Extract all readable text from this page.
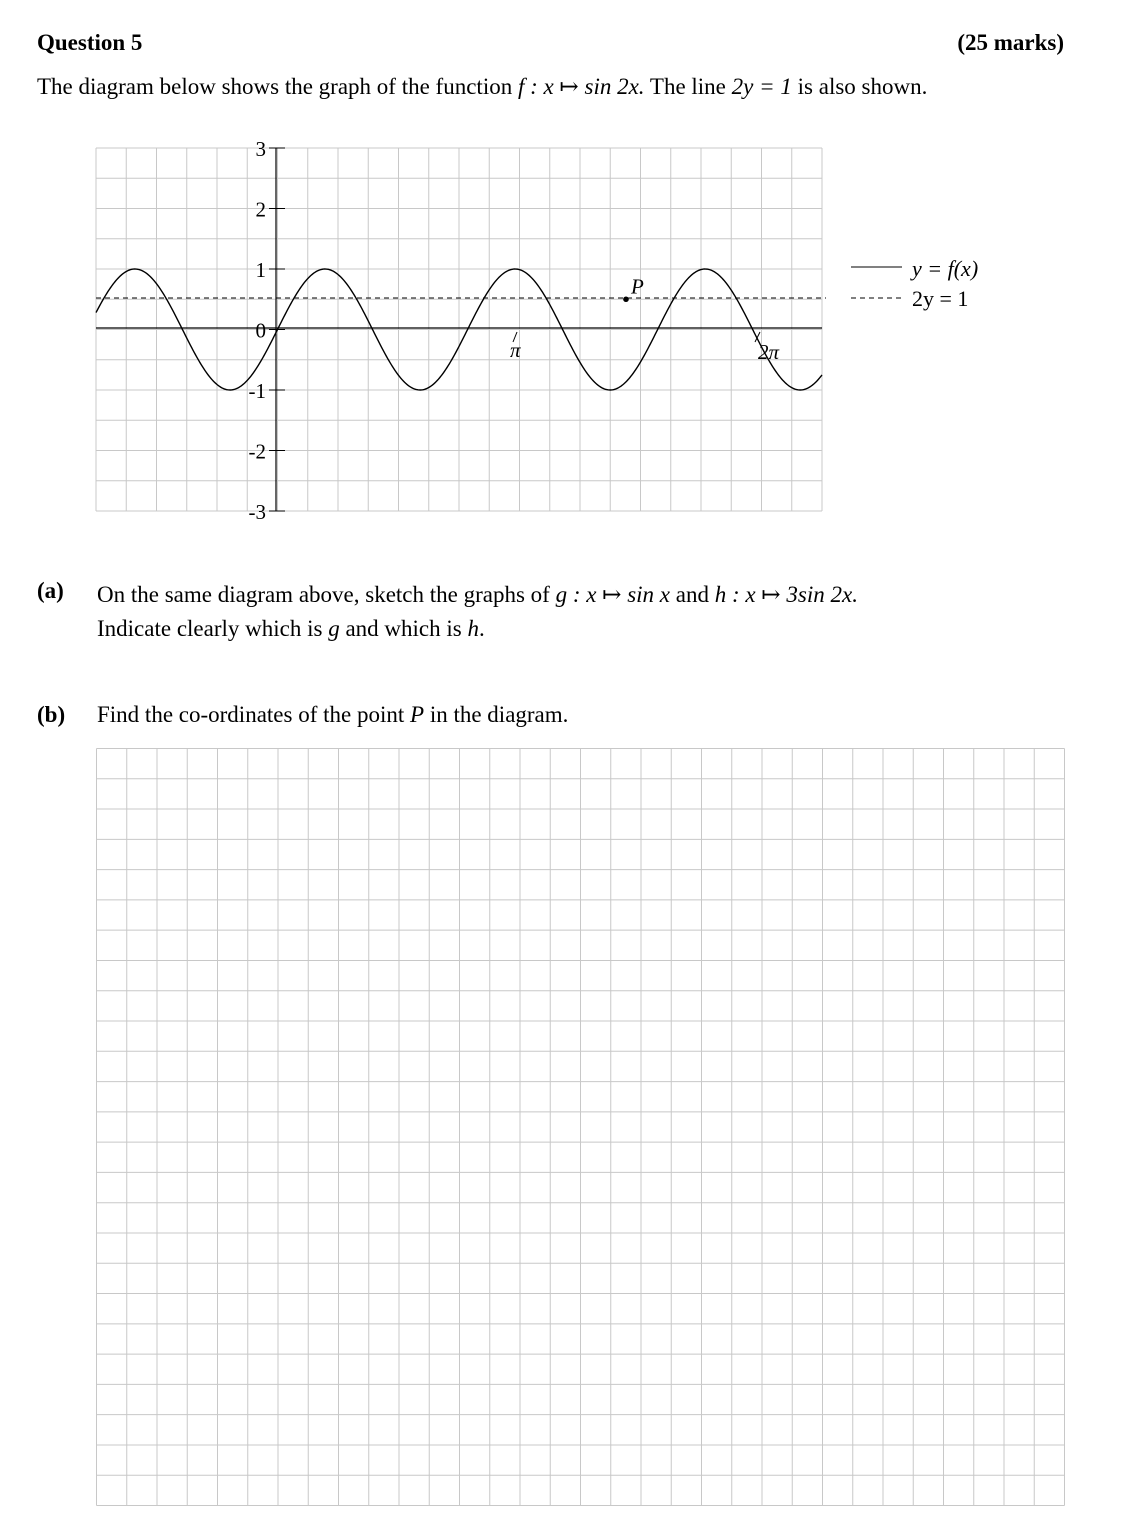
Question 5	(25 marks)
The diagram below shows the graph of the function f : x ↦ sin 2x. The line 2y = 1 is also shown.
3
2
1
0
-1
-2
-3
π	2π
P
y = f(x)
2y = 1
(a) On the same diagram above, sketch the graphs of g : x ↦ sin x and h : x ↦ 3sin 2x.
Indicate clearly which is g and which is h.
(b) Find the co-ordinates of the point P in the diagram.
